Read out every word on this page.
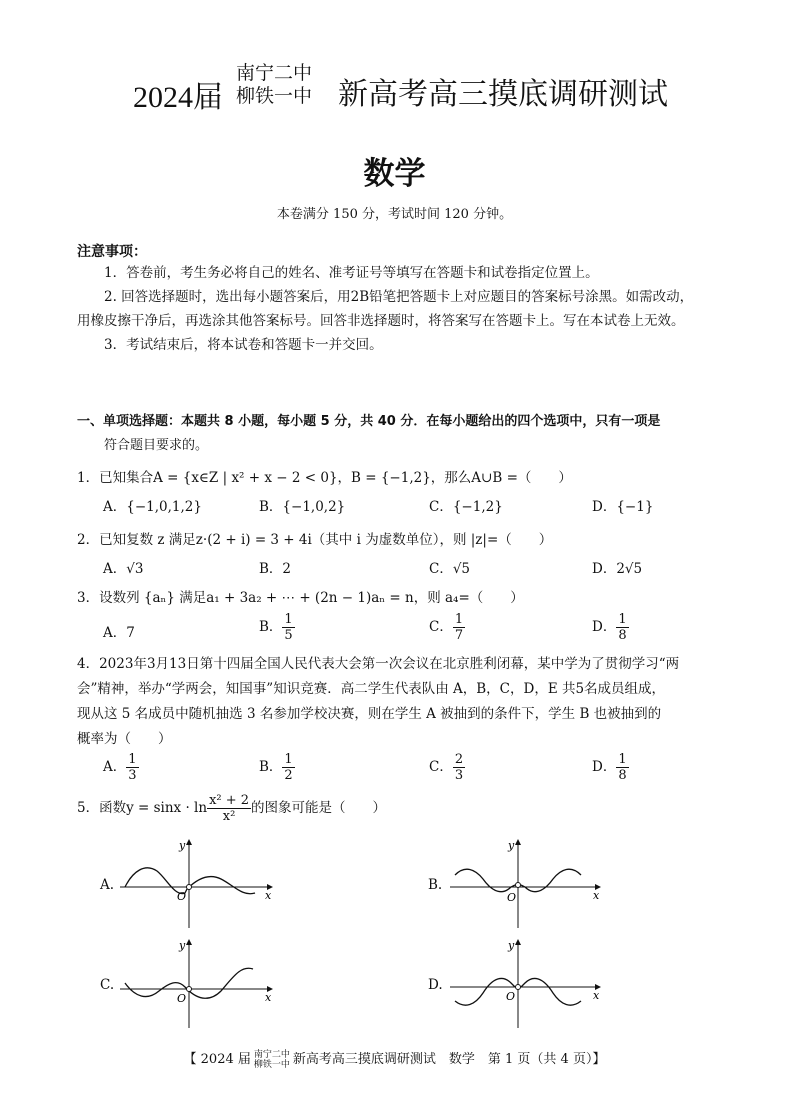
2024届
南宁二中
柳铁一中 新高考高三摸底调研测试
数学
本卷满分 150 分，考试时间 120 分钟。
注意事项：
1．答卷前，考生务必将自己的姓名、准考证号等填写在答题卡和试卷指定位置上。
2. 回答选择题时，选出每小题答案后，用2B铅笔把答题卡上对应题目的答案标号涂黑。如需改动，
用橡皮擦干净后，再选涂其他答案标号。回答非选择题时，将答案写在答题卡上。写在本试卷上无效。
3．考试结束后，将本试卷和答题卡一并交回。
一、单项选择题：本题共 8 小题，每小题 5 分，共 40 分．在每小题给出的四个选项中，只有一项是
符合题目要求的。
1．已知集合A = {x∈Z | x² + x − 2 < 0}，B = {−1,2}，那么A∪B =（　　）
A．{−1,0,1,2}	B．{−1,0,2}	C．{−1,2}	D．{−1}
2．已知复数 z 满足z·(2 + i) = 3 + 4i（其中 i 为虚数单位），则 |z|=（　　）
A．√3	B．2	C．√5	D．2√5
3．设数列 {aₙ} 满足a₁ + 3a₂ + ⋯ + (2n − 1)aₙ = n，则 a₄=（　　）
A．7	B． $\frac{1}{5}$	C． $\frac{1}{7}$	D． $\frac{1}{8}$
4．2023年3月13日第十四届全国人民代表大会第一次会议在北京胜利闭幕，某中学为了贯彻学习“两
会”精神，举办“学两会，知国事”知识竞赛．高二学生代表队由 A，B，C，D，E 共5名成员组成，
现从这 5 名成员中随机抽选 3 名参加学校决赛，则在学生 A 被抽到的条件下，学生 B 也被抽到的
概率为（　　）
A． $\frac{1}{3}$	B． $\frac{1}{2}$	C． $\frac{2}{3}$	D． $\frac{1}{8}$
5．函数$y = \sin x \cdot \ln \frac{\text{x² + 2}}{\text{x²}}$ 的图象可能是（　　）
A.	B.
C.	D.
x
y
O	x
y
O
x
y
O	x
y
O
【 2024 届 南宁二中
柳铁一中 新高考高三摸底调研测试　数学　第 1 页（共 4 页）】
